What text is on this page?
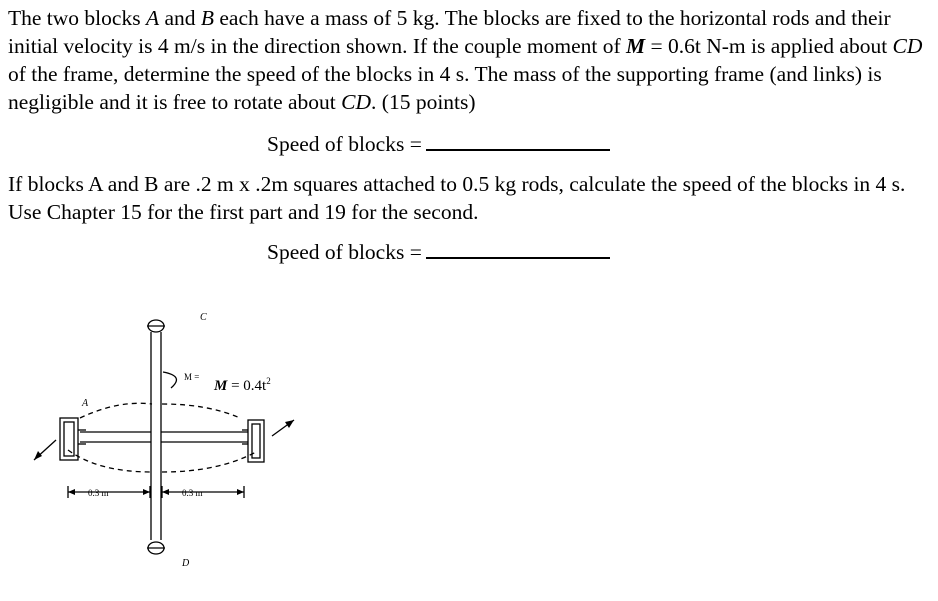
The two blocks A and B each have a mass of 5 kg. The blocks are fixed to the horizontal rods and their initial velocity is 4 m/s in the direction shown. If the couple moment of M = 0.6t N-m is applied about CD of the frame, determine the speed of the blocks in 4 s. The mass of the supporting frame (and links) is negligible and it is free to rotate about CD. (15 points)

Speed of blocks =

If blocks A and B are .2 m x .2m squares attached to 0.5 kg rods, calculate the speed of the blocks in 4 s. Use Chapter 15 for the first part and 19 for the second.

Speed of blocks =
C
A
D
M =
$M = 0.4t^2$
0.3 m	0.3 m
